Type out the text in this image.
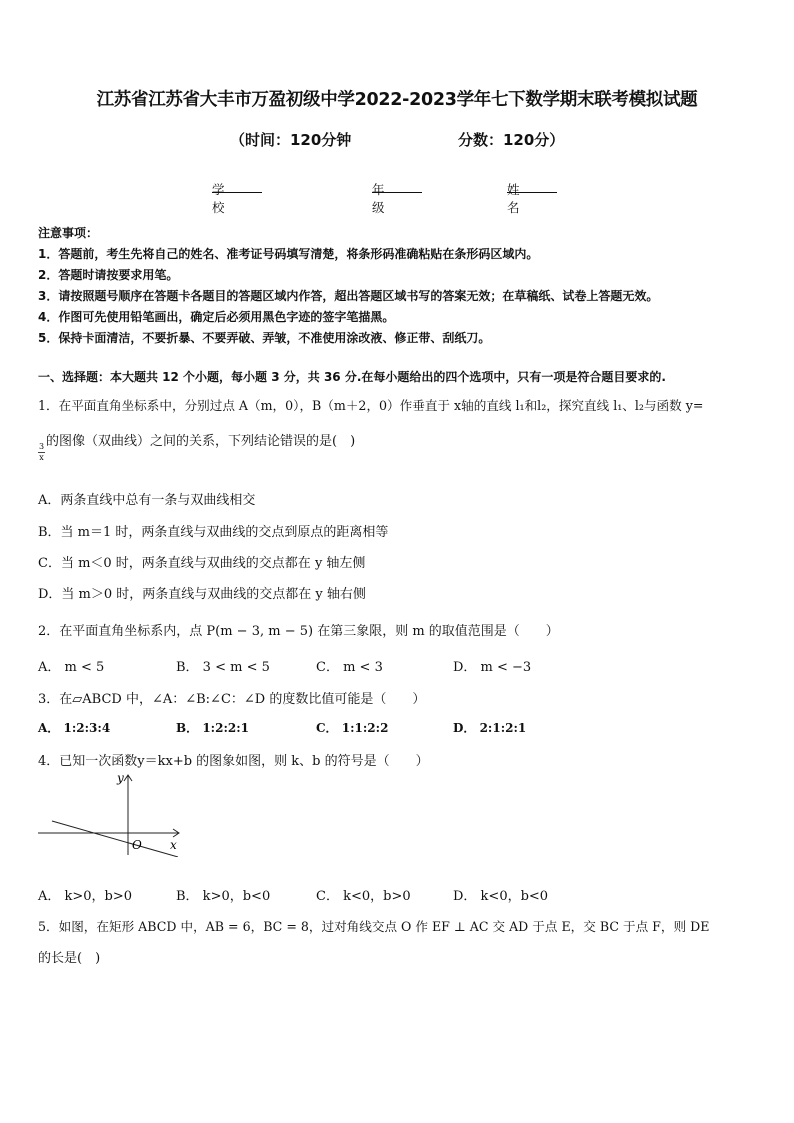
江苏省江苏省大丰市万盈初级中学2022-2023学年七下数学期末联考模拟试题
（时间：120分钟	分数：120分）
学校
年级
姓名
注意事项：
1．答题前，考生先将自己的姓名、准考证号码填写清楚，将条形码准确粘贴在条形码区域内。
2．答题时请按要求用笔。
3．请按照题号顺序在答题卡各题目的答题区域内作答，超出答题区域书写的答案无效；在草稿纸、试卷上答题无效。
4．作图可先使用铅笔画出，确定后必须用黑色字迹的签字笔描黑。
5．保持卡面清洁，不要折暴、不要弄破、弄皱，不准使用涂改液、修正带、刮纸刀。
一、选择题：本大题共 12 个小题，每小题 3 分，共 36 分.在每小题给出的四个选项中，只有一项是符合题目要求的.
1．在平面直角坐标系中，分别过点 A（m，0），B（m＋2，0）作垂直于 x轴的直线 l₁和l₂，探究直线 l₁、l₂与函数 y=
$\frac{3}{x}$
的图像（双曲线）之间的关系，下列结论错误的是(　)
A．两条直线中总有一条与双曲线相交
B．当 m＝1 时，两条直线与双曲线的交点到原点的距离相等
C．当 m＜0 时，两条直线与双曲线的交点都在 y 轴左侧
D．当 m＞0 时，两条直线与双曲线的交点都在 y 轴右侧
2．在平面直角坐标系内，点 P(m − 3, m − 5) 在第三象限，则 m 的取值范围是（　　）
A． m < 5	B． 3 < m < 5	C． m < 3	D． m < −3
3．在▱ABCD 中，∠A：∠B:∠C：∠D 的度数比值可能是（　　）
A． 1:2:3:4	B． 1:2:2:1	C． 1:1:2:2	D． 2:1:2:1
4．已知一次函数y＝kx+b 的图象如图，则 k、b 的符号是（　　）
y
x
O
A． k>0，b>0	B． k>0，b<0	C． k<0，b>0	D． k<0，b<0
5．如图，在矩形 ABCD 中，AB = 6，BC = 8，过对角线交点 O 作 EF ⊥ AC 交 AD 于点 E，交 BC 于点 F，则 DE
的长是(　)
